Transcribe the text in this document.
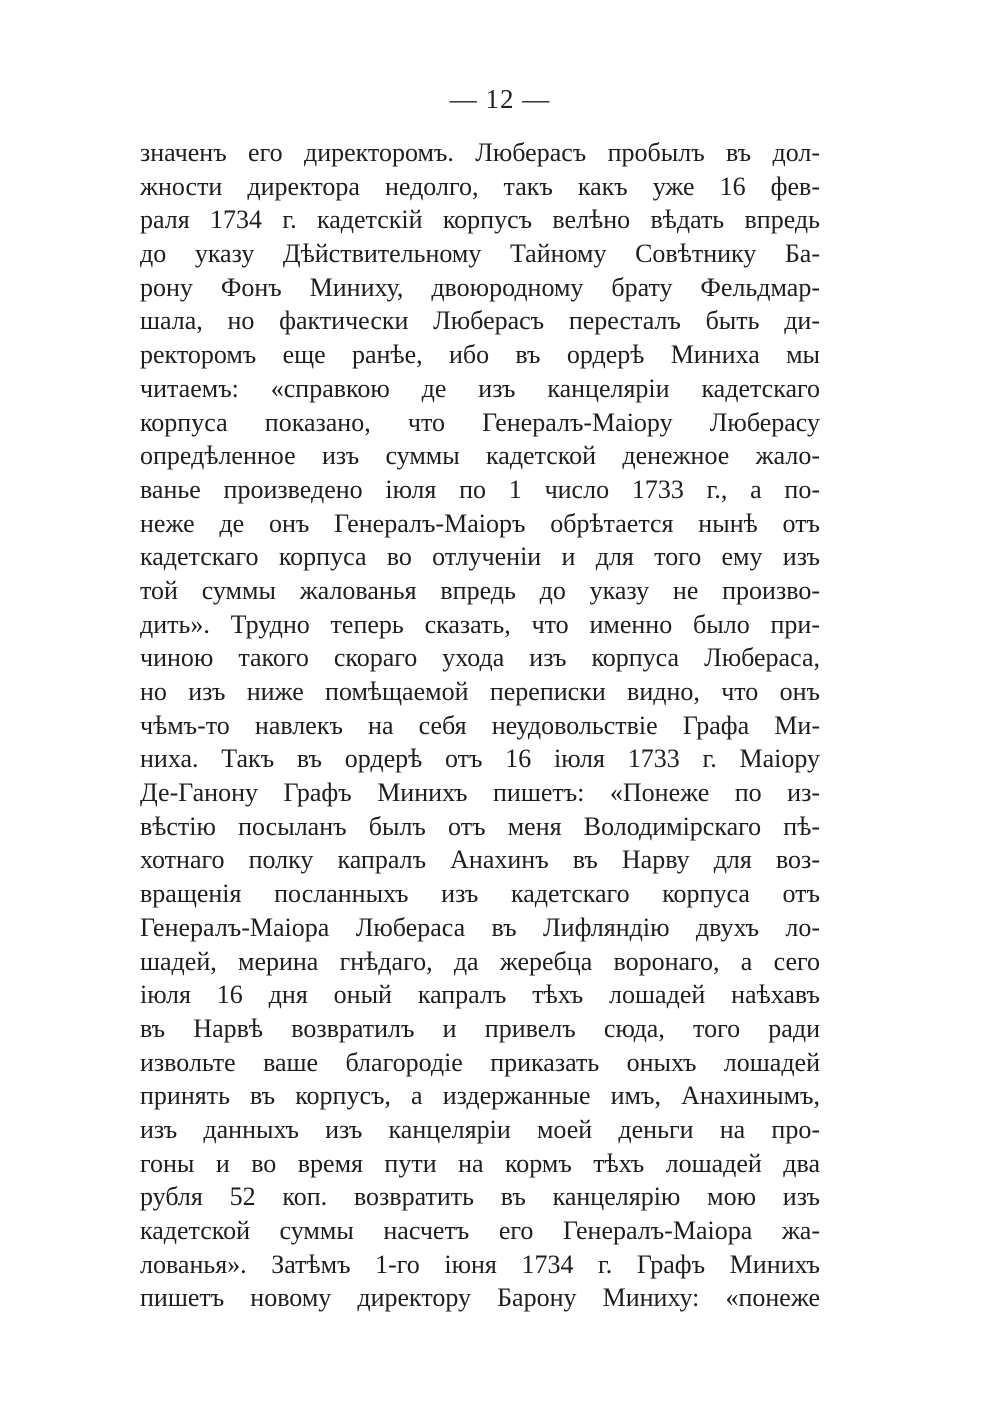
— 12 —
значенъ его директоромъ. Люберасъ пробылъ въ дол-
жности директора недолго, такъ какъ уже 16 фев-
раля 1734 г. кадетскій корпусъ велѣно вѣдать впредь
до указу Дѣйствительному Тайному Совѣтнику Ба-
рону Фонъ Миниху, двоюродному брату Фельдмар-
шала, но фактически Люберасъ пересталъ быть ди-
ректоромъ еще ранѣе, ибо въ ордерѣ Миниха мы
читаемъ: «справкою де изъ канцеляріи кадетскаго
корпуса показано, что Генералъ-Маіору Люберасу
опредѣленное изъ суммы кадетской денежное жало-
ванье произведено іюля по 1 число 1733 г., а по-
неже де онъ Генералъ-Маіоръ обрѣтается нынѣ отъ
кадетскаго корпуса во отлученіи и для того ему изъ
той суммы жалованья впредь до указу не произво-
дить». Трудно теперь сказать, что именно было при-
чиною такого скораго ухода изъ корпуса Любераса,
но изъ ниже помѣщаемой переписки видно, что онъ
чѣмъ-то навлекъ на себя неудовольствіе Графа Ми-
ниха. Такъ въ ордерѣ отъ 16 іюля 1733 г. Маіору
Де-Ганону Графъ Минихъ пишетъ: «Понеже по из-
вѣстію посыланъ былъ отъ меня Володимірскаго пѣ-
хотнаго полку капралъ Анахинъ въ Нарву для воз-
вращенія посланныхъ изъ кадетскаго корпуса отъ
Генералъ-Маіора Любераса въ Лифляндію двухъ ло-
шадей, мерина гнѣдаго, да жеребца воронаго, а сего
іюля 16 дня оный капралъ тѣхъ лошадей наѣхавъ
въ Нарвѣ возвратилъ и привелъ сюда, того ради
извольте ваше благородіе приказать оныхъ лошадей
принять въ корпусъ, а издержанные имъ, Анахинымъ,
изъ данныхъ изъ канцеляріи моей деньги на про-
гоны и во время пути на кормъ тѣхъ лошадей два
рубля 52 коп. возвратить въ канцелярію мою изъ
кадетской суммы насчетъ его Генералъ-Маіора жа-
лованья». Затѣмъ 1-го іюня 1734 г. Графъ Минихъ
пишетъ новому директору Барону Миниху: «понеже
